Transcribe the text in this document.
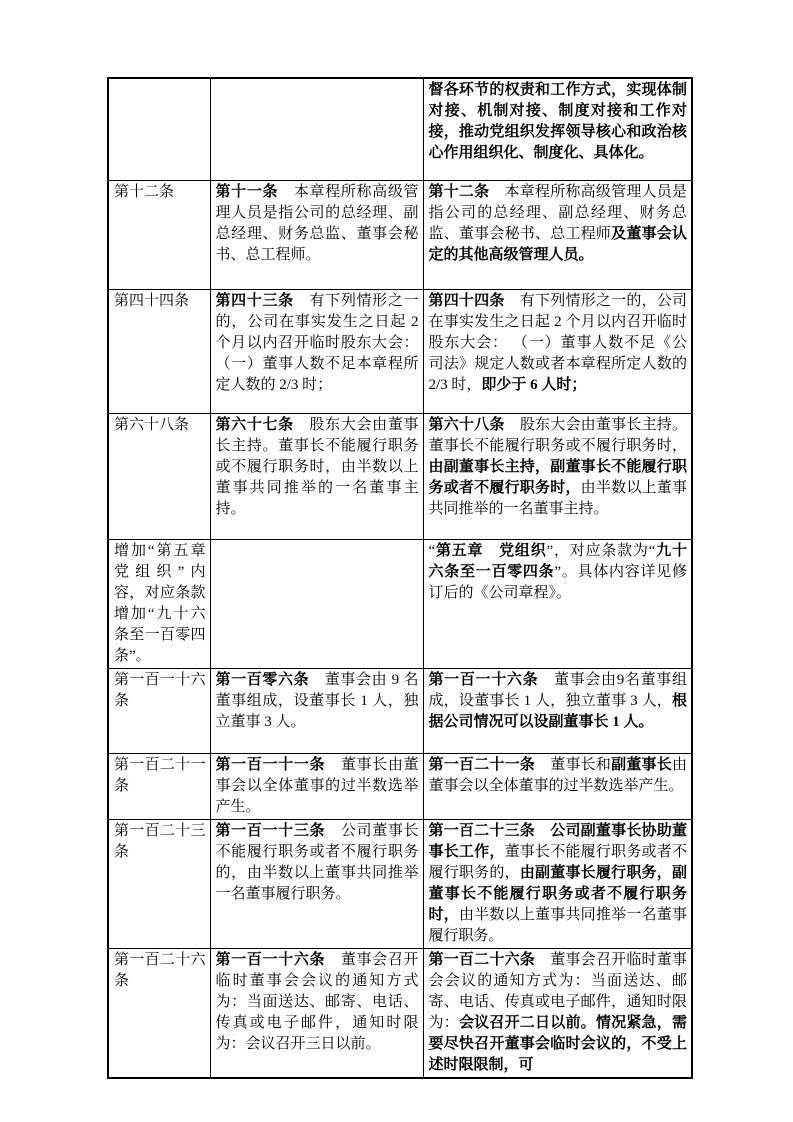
		督各环节的权责和工作方式，实现体制对接、机制对接、制度对接和工作对接，推动党组织发挥领导核心和政治核心作用组织化、制度化、具体化。
第十二条	第十一条　本章程所称高级管理人员是指公司的总经理、副总经理、财务总监、董事会秘书、总工程师。	第十二条　本章程所称高级管理人员是指公司的总经理、副总经理、财务总监、董事会秘书、总工程师及董事会认定的其他高级管理人员。
第四十四条	第四十三条　有下列情形之一的，公司在事实发生之日起 2 个月以内召开临时股东大会： （一）董事人数不足本章程所定人数的 2/3 时；	第四十四条　有下列情形之一的，公司在事实发生之日起 2 个月以内召开临时股东大会： （一）董事人数不足《公司法》规定人数或者本章程所定人数的 2/3 时，即少于 6 人时；
第六十八条	第六十七条　股东大会由董事长主持。董事长不能履行职务或不履行职务时，由半数以上董事共同推举的一名董事主持。	第六十八条　股东大会由董事长主持。董事长不能履行职务或不履行职务时，由副董事长主持，副董事长不能履行职务或者不履行职务时，由半数以上董事共同推举的一名董事主持。
增加“第五章 党组织”内容，对应条款增加“九十六条至一百零四条”。		“第五章　党组织”，对应条款为“九十六条至一百零四条”。具体内容详见修订后的《公司章程》。
第一百一十六条	第一百零六条　董事会由 9 名董事组成，设董事长 1 人，独立董事 3 人。	第一百一十六条　董事会由9名董事组成，设董事长 1 人，独立董事 3 人，根据公司情况可以设副董事长 1 人。
第一百二十一条	第一百一十一条　董事长由董事会以全体董事的过半数选举产生。	第一百二十一条　董事长和副董事长由董事会以全体董事的过半数选举产生。
第一百二十三条	第一百一十三条　公司董事长不能履行职务或者不履行职务的，由半数以上董事共同推举一名董事履行职务。	第一百二十三条　公司副董事长协助董事长工作，董事长不能履行职务或者不履行职务的，由副董事长履行职务，副董事长不能履行职务或者不履行职务时，由半数以上董事共同推举一名董事履行职务。
第一百二十六条	第一百一十六条　董事会召开临时董事会会议的通知方式为：当面送达、邮寄、电话、传真或电子邮件，通知时限为：会议召开三日以前。	第一百二十六条　董事会召开临时董事会会议的通知方式为：当面送达、邮寄、电话、传真或电子邮件，通知时限为：会议召开二日以前。情况紧急，需要尽快召开董事会临时会议的，不受上述时限限制，可
